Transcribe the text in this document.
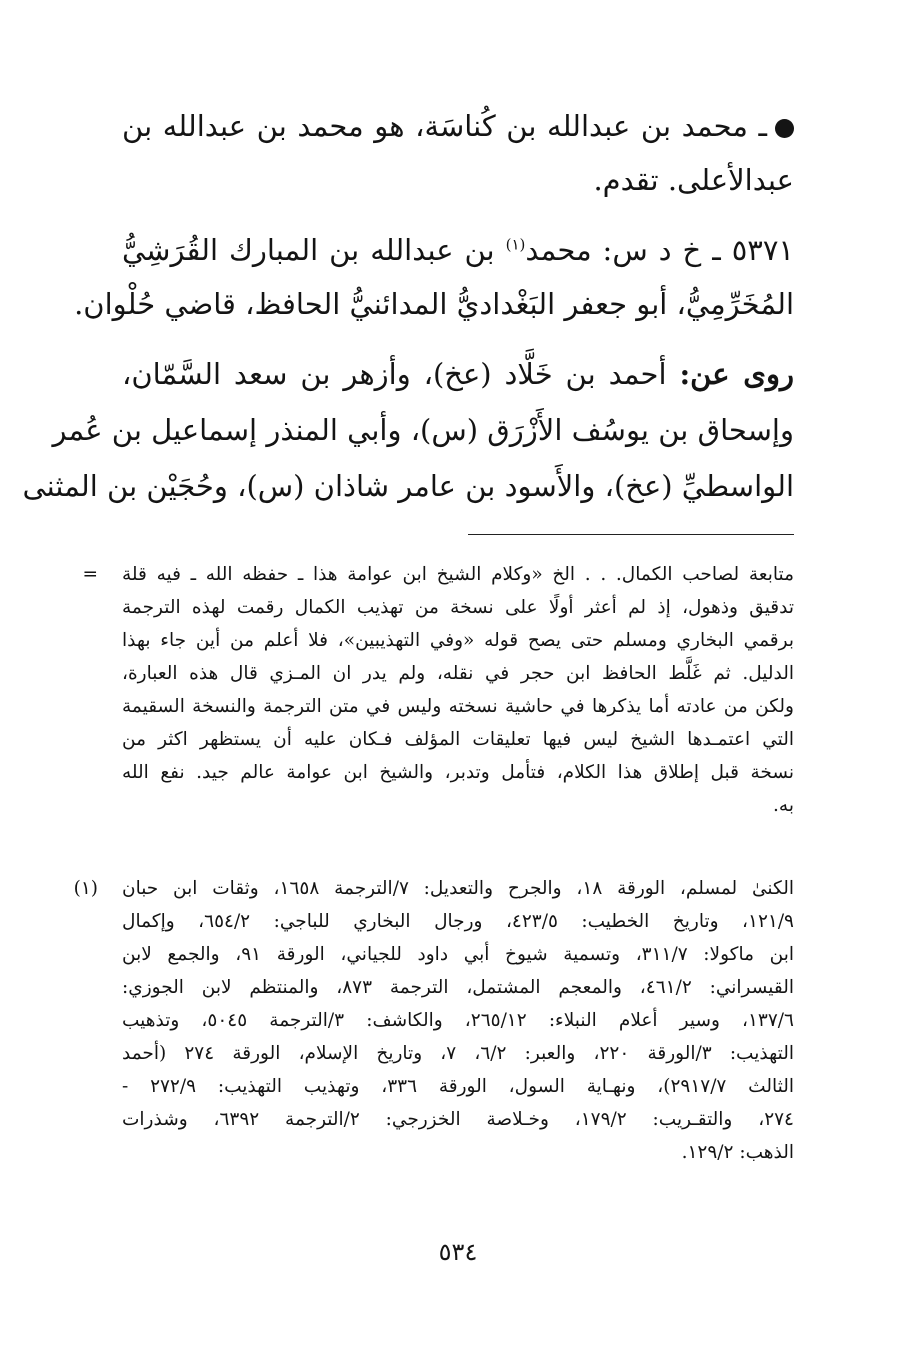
ـ محمد بن عبدالله بن كُناسَة، هو محمد بن عبدالله بن
عبدالأعلى. تقدم.
٥٣٧١ ـ خ د س: محمد$^{(١)}$ بن عبدالله بن المبارك القُرَشِيُّ
المُخَرِّمِيُّ، أبو جعفر البَغْداديُّ المدائنيُّ الحافظ، قاضي حُلْوان.
روى عن: أحمد بن خَلَّاد (عخ)، وأزهر بن سعد السَّمّان،
وإسحاق بن يوسُف الأَزْرَق (س)، وأبي المنذر إسماعيل بن عُمر
الواسطيِّ (عخ)، والأَسود بن عامر شاذان (س)، وحُجَيْن بن المثنى
= متابعة لصاحب الكمال. . . الخ «وكلام الشيخ ابن عوامة هذا ـ حفظه الله ـ فيه قلة
تدقيق وذهول، إذ لم أعثر أولًا على نسخة من تهذيب الكمال رقمت لهذه الترجمة
برقمي البخاري ومسلم حتى يصح قوله «وفي التهذيبين»، فلا أعلم من أين جاء بهذا
الدليل. ثم غَلَّط الحافظ ابن حجر في نقله، ولم يدر ان المـزي قال هذه العبارة،
ولكن من عادته أما يذكرها في حاشية نسخته وليس في متن الترجمة والنسخة السقيمة
التي اعتمـدها الشيخ ليس فيها تعليقات المؤلف فـكان عليه أن يستظهر اكثر من
نسخة قبل إطلاق هذا الكلام، فتأمل وتدبر، والشيخ ابن عوامة عالم جيد. نفع الله
به.
(١) الكنىٰ لمسلم، الورقة ١٨، والجرح والتعديل: ٧/الترجمة ١٦٥٨، وثقات ابن حبان
١٢١/٩، وتاريخ الخطيب: ٤٢٣/٥، ورجال البخاري للباجي: ٦٥٤/٢، وإكمال
ابن ماكولا: ٣١١/٧، وتسمية شيوخ أبي داود للجياني، الورقة ٩١، والجمع لابن
القيسراني: ٤٦١/٢، والمعجم المشتمل، الترجمة ٨٧٣، والمنتظم لابن الجوزي:
١٣٧/٦، وسير أعلام النبلاء: ٢٦٥/١٢، والكاشف: ٣/الترجمة ٥٠٤٥، وتذهيب
التهذيب: ٣/الورقة ٢٢٠، والعبر: ٦/٢، ٧، وتاريخ الإسلام، الورقة ٢٧٤ (أحمد
الثالث ٢٩١٧/٧)، ونهـاية السول، الورقة ٣٣٦، وتهذيب التهذيب: ٢٧٢/٩ -
٢٧٤، والتقـريب: ١٧٩/٢، وخـلاصة الخزرجي: ٢/الترجمة ٦٣٩٢، وشذرات
الذهب: ١٢٩/٢.
٥٣٤
